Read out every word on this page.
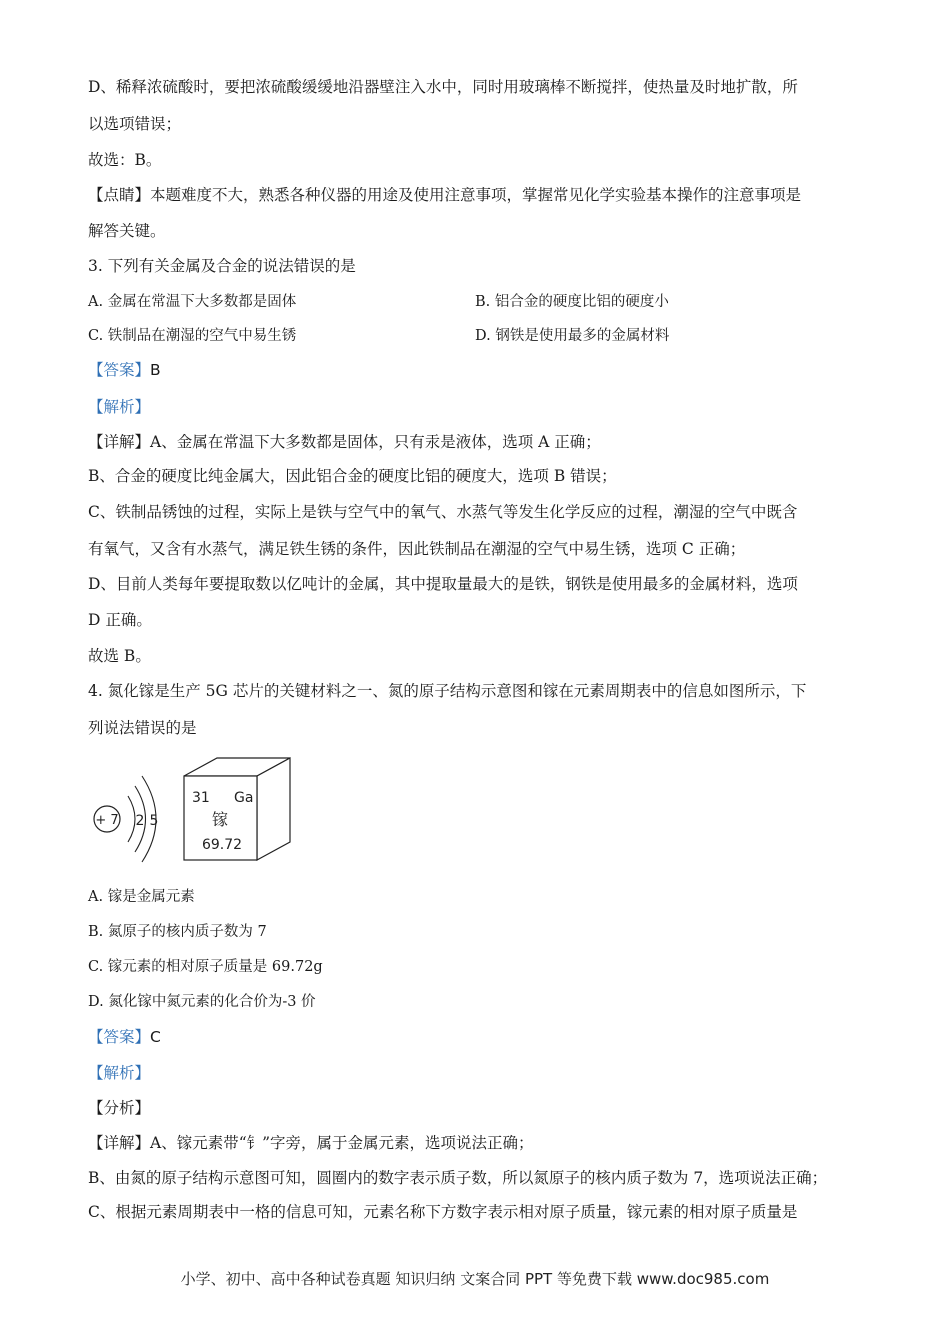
D、稀释浓硫酸时，要把浓硫酸缓缓地沿器壁注入水中，同时用玻璃棒不断搅拌，使热量及时地扩散，所
以选项错误；
故选：B。
【点睛】本题难度不大，熟悉各种仪器的用途及使用注意事项，掌握常见化学实验基本操作的注意事项是
解答关键。
3. 下列有关金属及合金的说法错误的是
A. 金属在常温下大多数都是固体	B. 铝合金的硬度比铝的硬度小
C. 铁制品在潮湿的空气中易生锈	D. 钢铁是使用最多的金属材料
【答案】B
【解析】
【详解】A、金属在常温下大多数都是固体，只有汞是液体，选项 A 正确；
B、合金的硬度比纯金属大，因此铝合金的硬度比铝的硬度大，选项 B 错误；
C、铁制品锈蚀的过程，实际上是铁与空气中的氧气、水蒸气等发生化学反应的过程，潮湿的空气中既含
有氧气，又含有水蒸气，满足铁生锈的条件，因此铁制品在潮湿的空气中易生锈，选项 C 正确；
D、目前人类每年要提取数以亿吨计的金属，其中提取量最大的是铁，钢铁是使用最多的金属材料，选项
D 正确。
故选 B。
4. 氮化镓是生产 5G 芯片的关键材料之一、氮的原子结构示意图和镓在元素周期表中的信息如图所示，下
列说法错误的是
+ 7 2 5
31 Ga
镓
69.72
A. 镓是金属元素
B. 氮原子的核内质子数为 7
C. 镓元素的相对原子质量是 69.72g
D. 氮化镓中氮元素的化合价为-3 价
【答案】C
【解析】
【分析】
【详解】A、镓元素带“钅”字旁，属于金属元素，选项说法正确；
B、由氮的原子结构示意图可知，圆圈内的数字表示质子数，所以氮原子的核内质子数为 7，选项说法正确；
C、根据元素周期表中一格的信息可知，元素名称下方数字表示相对原子质量，镓元素的相对原子质量是
小学、初中、高中各种试卷真题 知识归纳 文案合同 PPT 等免费下载 www.doc985.com
